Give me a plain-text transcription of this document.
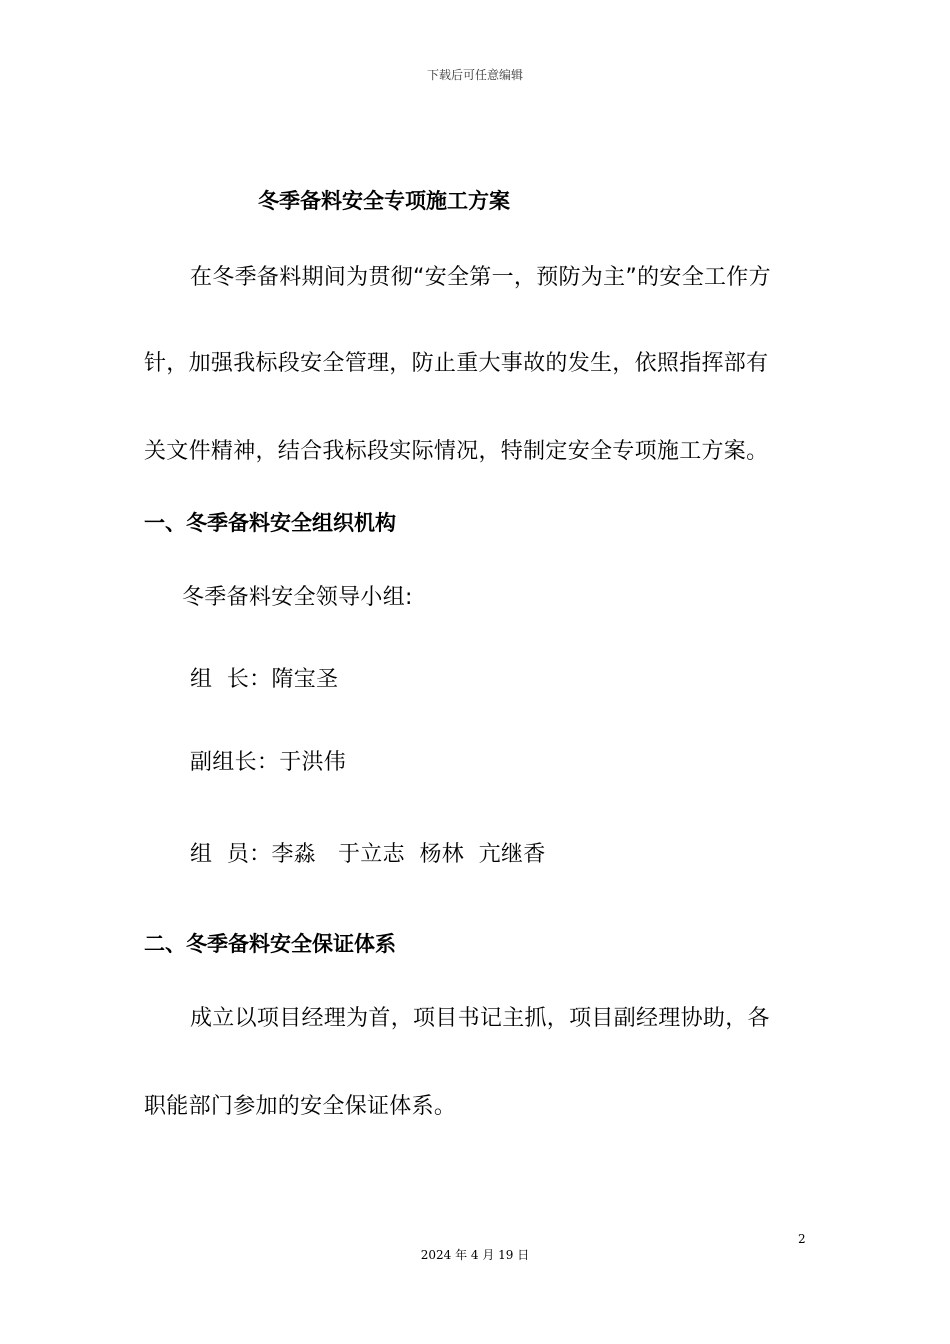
下载后可任意编辑
冬季备料安全专项施工方案
在冬季备料期间为贯彻“安全第一，预防为主”的安全工作方
针，加强我标段安全管理，防止重大事故的发生，依照指挥部有
关文件精神，结合我标段实际情况，特制定安全专项施工方案。
一、冬季备料安全组织机构
冬季备料安全领导小组:
组  长：隋宝圣
副组长：于洪伟
组  员：李淼   于立志  杨林  亢继香
二、冬季备料安全保证体系
成立以项目经理为首，项目书记主抓，项目副经理协助，各
职能部门参加的安全保证体系。
2
2024 年 4 月 19 日
